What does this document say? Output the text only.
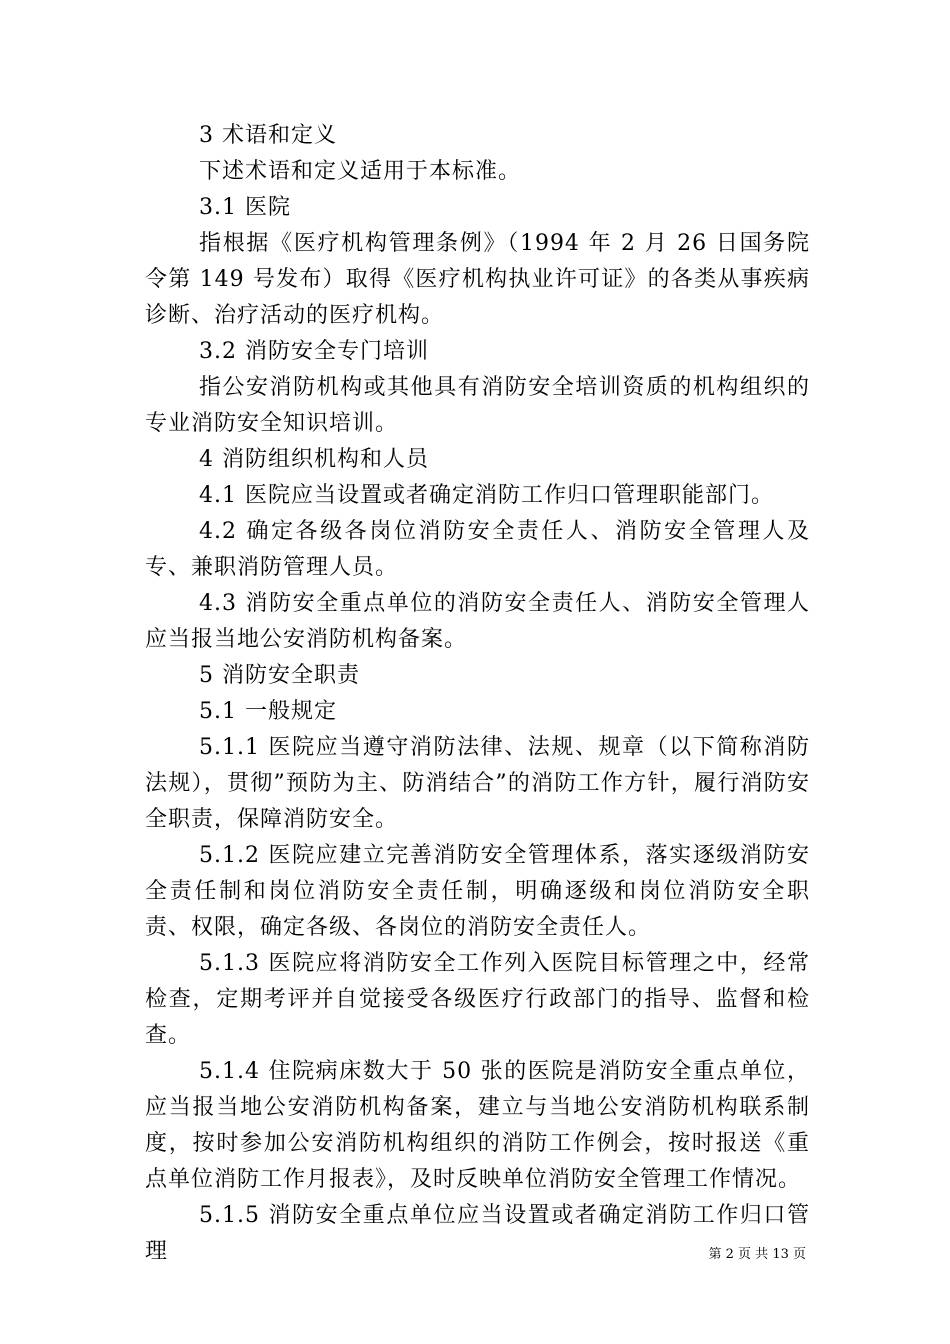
3 术语和定义

下述术语和定义适用于本标准。

3.1 医院

指根据《医疗机构管理条例》（1994 年 2 月 26 日国务院令第 149 号发布）取得《医疗机构执业许可证》的各类从事疾病诊断、治疗活动的医疗机构。

3.2 消防安全专门培训

指公安消防机构或其他具有消防安全培训资质的机构组织的专业消防安全知识培训。

4 消防组织机构和人员

4.1 医院应当设置或者确定消防工作归口管理职能部门。

4.2 确定各级各岗位消防安全责任人、消防安全管理人及专、兼职消防管理人员。

4.3 消防安全重点单位的消防安全责任人、消防安全管理人应当报当地公安消防机构备案。

5 消防安全职责

5.1 一般规定

5.1.1 医院应当遵守消防法律、法规、规章（以下简称消防法规），贯彻”预防为主、防消结合”的消防工作方针，履行消防安全职责，保障消防安全。

5.1.2 医院应建立完善消防安全管理体系，落实逐级消防安全责任制和岗位消防安全责任制，明确逐级和岗位消防安全职责、权限，确定各级、各岗位的消防安全责任人。

5.1.3 医院应将消防安全工作列入医院目标管理之中，经常检查，定期考评并自觉接受各级医疗行政部门的指导、监督和检查。

5.1.4 住院病床数大于 50 张的医院是消防安全重点单位，应当报当地公安消防机构备案，建立与当地公安消防机构联系制度，按时参加公安消防机构组织的消防工作例会，按时报送《重点单位消防工作月报表》，及时反映单位消防安全管理工作情况。

5.1.5 消防安全重点单位应当设置或者确定消防工作归口管理	第 2 页 共 13 页
